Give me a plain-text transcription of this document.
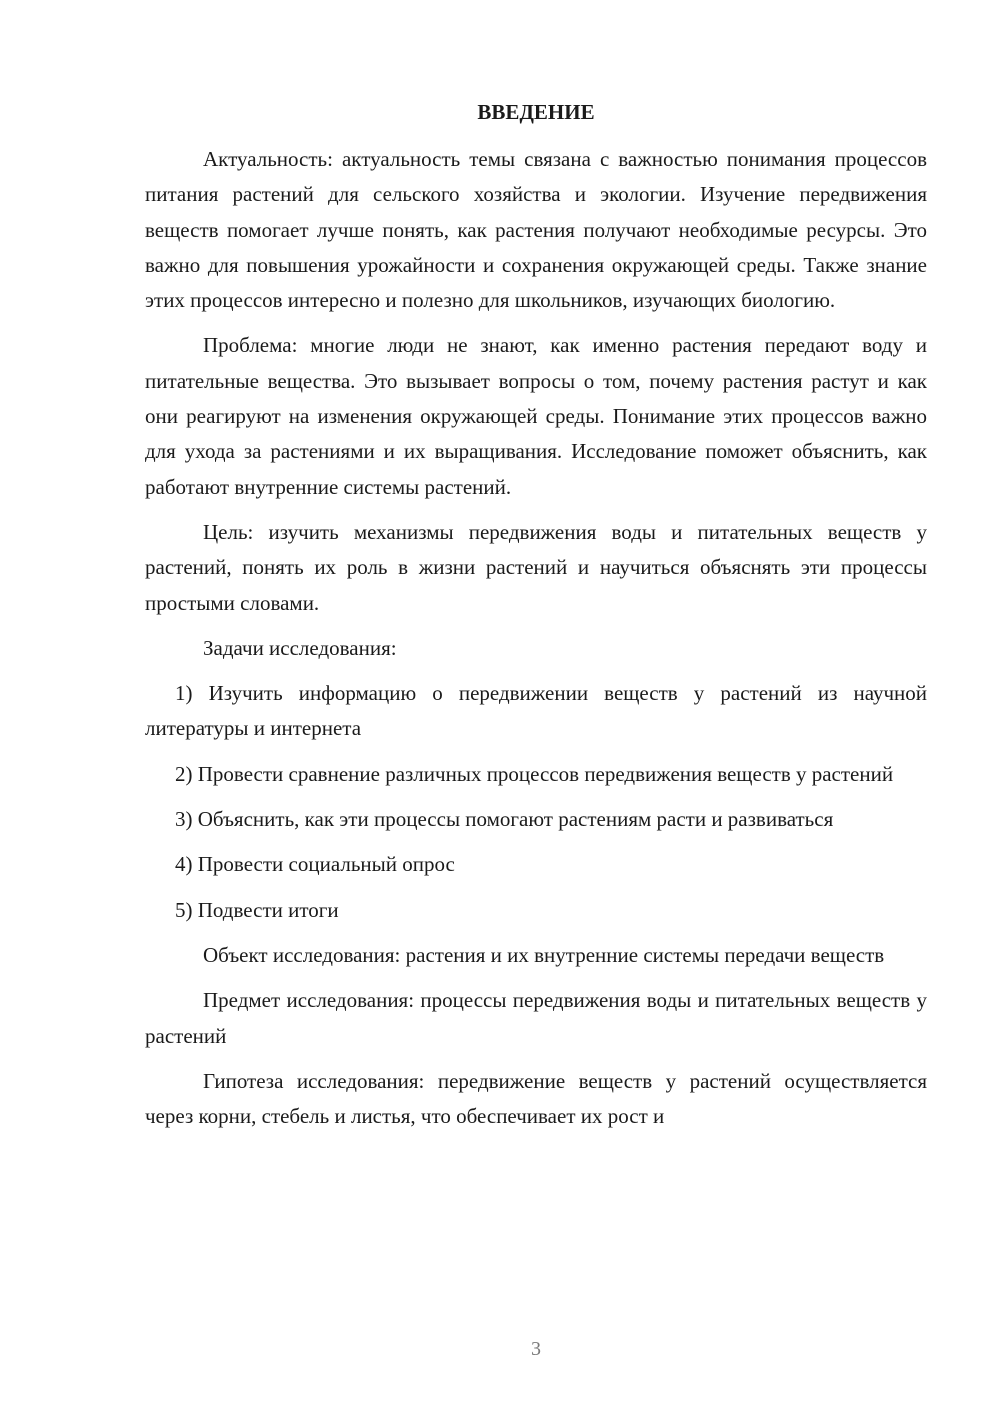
ВВЕДЕНИЕ

Актуальность: актуальность темы связана с важностью понимания процессов питания растений для сельского хозяйства и экологии. Изучение передвижения веществ помогает лучше понять, как растения получают необходимые ресурсы. Это важно для повышения урожайности и сохранения окружающей среды. Также знание этих процессов интересно и полезно для школьников, изучающих биологию.

Проблема: многие люди не знают, как именно растения передают воду и питательные вещества. Это вызывает вопросы о том, почему растения растут и как они реагируют на изменения окружающей среды. Понимание этих процессов важно для ухода за растениями и их выращивания. Исследование поможет объяснить, как работают внутренние системы растений.

Цель: изучить механизмы передвижения воды и питательных веществ у растений, понять их роль в жизни растений и научиться объяснять эти процессы простыми словами.

Задачи исследования:

1) Изучить информацию о передвижении веществ у растений из научной литературы и интернета

2) Провести сравнение различных процессов передвижения веществ у растений

3) Объяснить, как эти процессы помогают растениям расти и развиваться

4) Провести социальный опрос

5) Подвести итоги

Объект исследования: растения и их внутренние системы передачи веществ

Предмет исследования: процессы передвижения воды и питательных веществ у растений

Гипотеза исследования: передвижение веществ у растений осуществляется через корни, стебель и листья, что обеспечивает их рост и

3
